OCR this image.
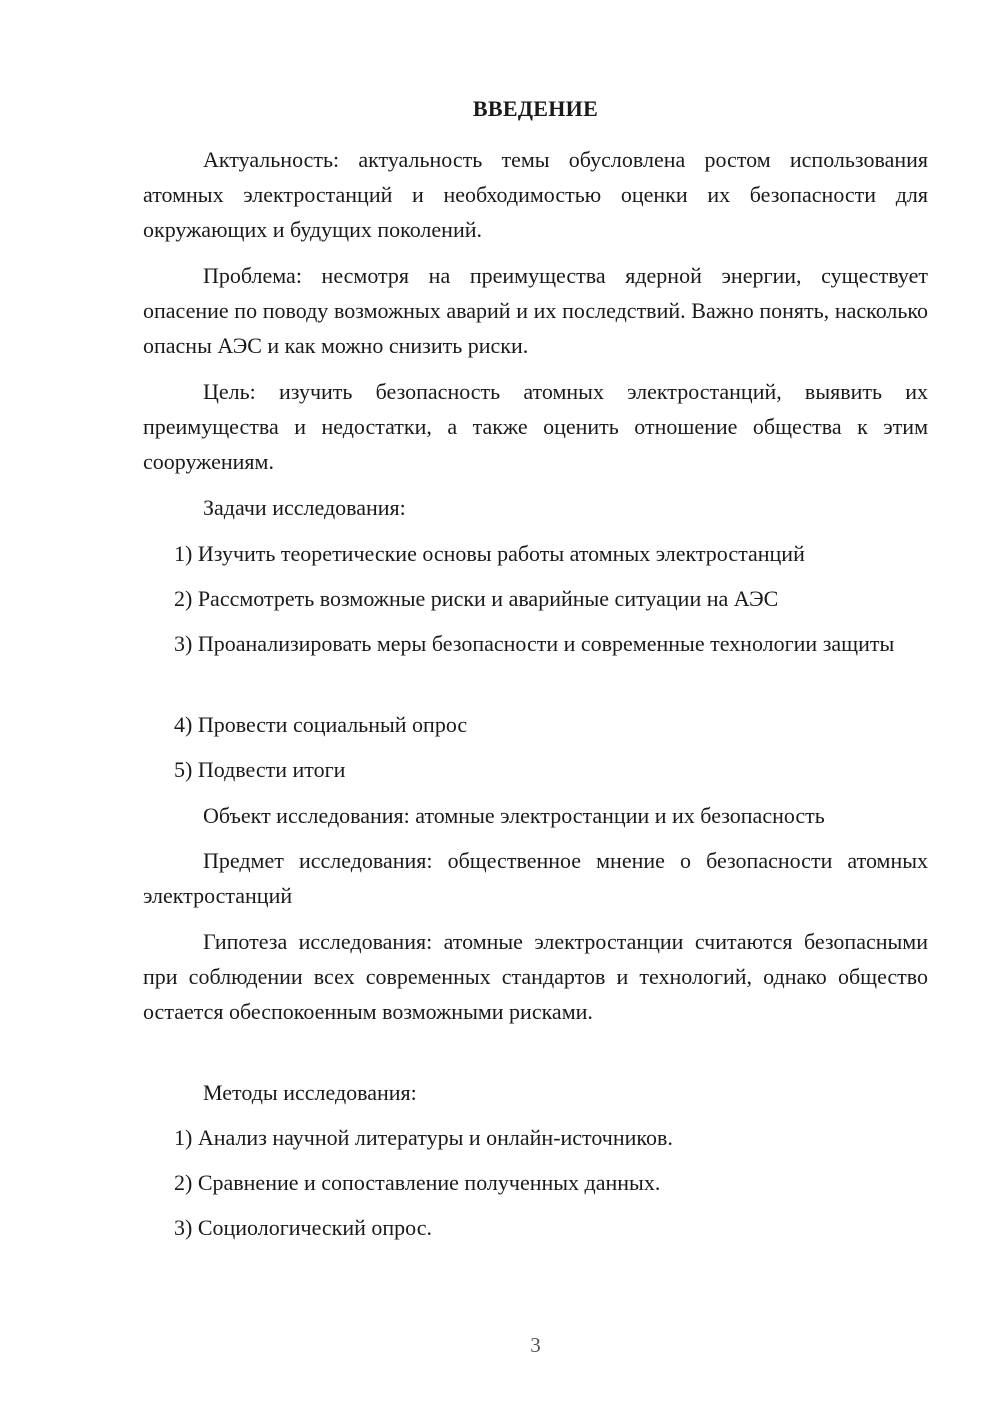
ВВЕДЕНИЕ

Актуальность: актуальность темы обусловлена ростом использования атомных электростанций и необходимостью оценки их безопасности для окружающих и будущих поколений.

Проблема: несмотря на преимущества ядерной энергии, существует опасение по поводу возможных аварий и их последствий. Важно понять, насколько опасны АЭС и как можно снизить риски.

Цель: изучить безопасность атомных электростанций, выявить их преимущества и недостатки, а также оценить отношение общества к этим сооружениям.

Задачи исследования:

1) Изучить теоретические основы работы атомных электростанций

2) Рассмотреть возможные риски и аварийные ситуации на АЭС

3) Проанализировать меры безопасности и современные технологии защиты

4) Провести социальный опрос

5) Подвести итоги

Объект исследования: атомные электростанции и их безопасность

Предмет исследования: общественное мнение о безопасности атомных электростанций

Гипотеза исследования: атомные электростанции считаются безопасными при соблюдении всех современных стандартов и технологий, однако общество остается обеспокоенным возможными рисками.

Методы исследования:

1) Анализ научной литературы и онлайн-источников.

2) Сравнение и сопоставление полученных данных.

3) Социологический опрос.

3
